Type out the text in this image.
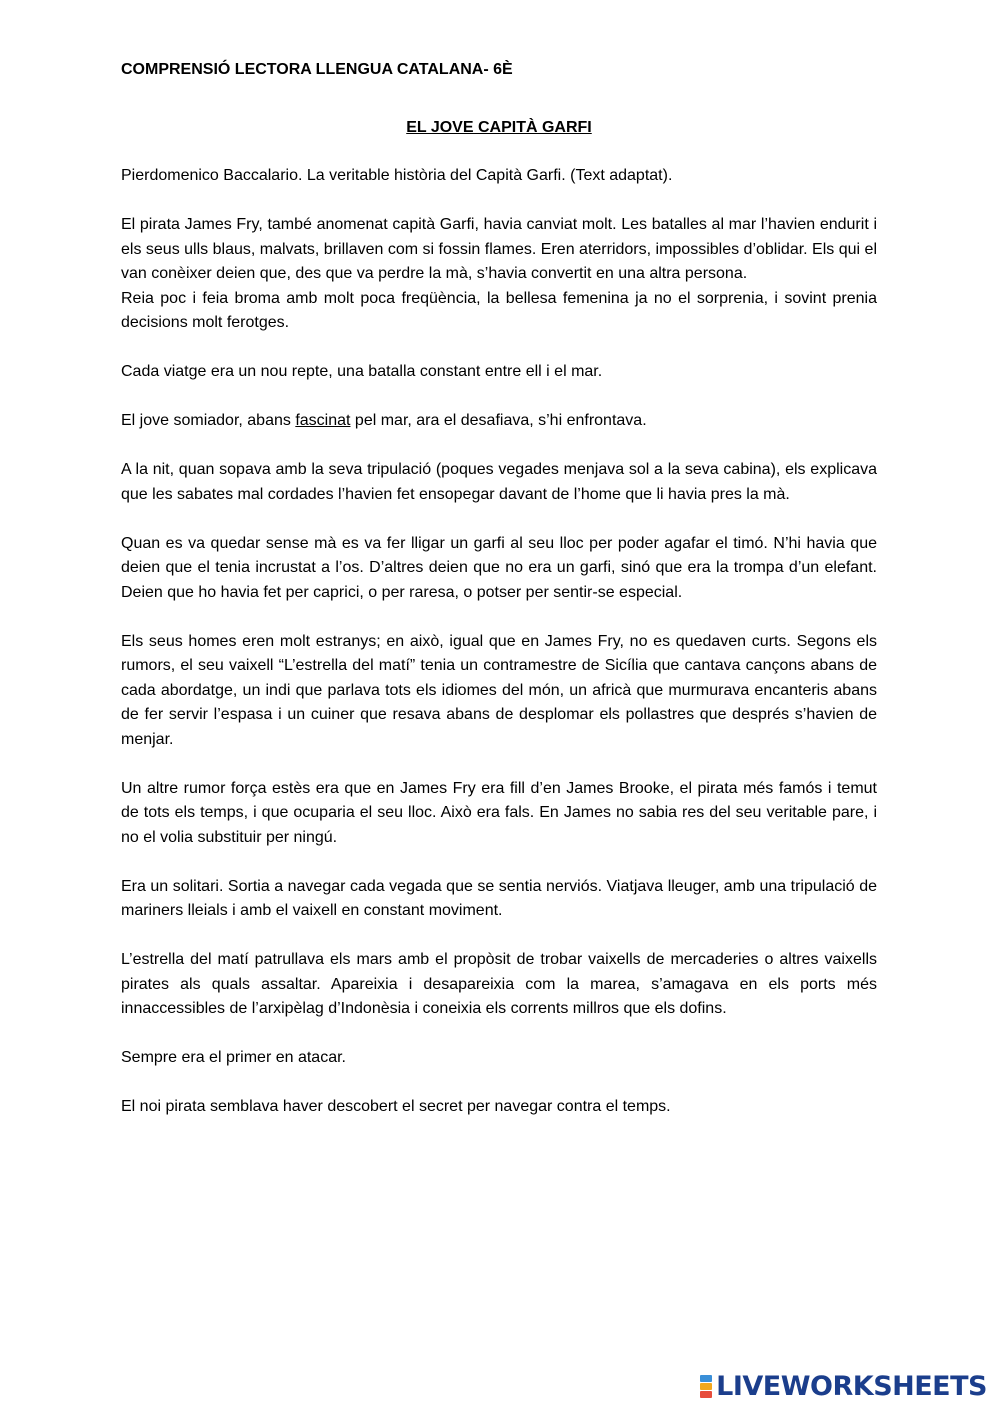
COMPRENSIÓ LECTORA LLENGUA CATALANA- 6È
EL JOVE CAPITÀ GARFI

Pierdomenico Baccalario. La veritable història del Capità Garfi. (Text adaptat).

El pirata James Fry, també anomenat capità Garfi, havia canviat molt. Les batalles al mar l’havien endurit i els seus ulls blaus, malvats, brillaven com si fossin flames. Eren aterridors, impossibles d’oblidar. Els qui el van conèixer deien que, des que va perdre la mà, s’havia convertit en una altra persona.

Reia poc i feia broma amb molt poca freqüència, la bellesa femenina ja no el sorprenia, i sovint prenia decisions molt ferotges.

Cada viatge era un nou repte, una batalla constant entre ell i el mar.

El jove somiador, abans fascinat pel mar, ara el desafiava, s’hi enfrontava.

A la nit, quan sopava amb la seva tripulació (poques vegades menjava sol a la seva cabina), els explicava que les sabates mal cordades l’havien fet ensopegar davant de l’home que li havia pres la mà.

Quan es va quedar sense mà es va fer lligar un garfi al seu lloc per poder agafar el timó. N’hi havia que deien que el tenia incrustat a l’os. D’altres deien que no era un garfi, sinó que era la trompa d’un elefant. Deien que ho havia fet per caprici, o per raresa, o potser per sentir-se especial.

Els seus homes eren molt estranys; en això, igual que en James Fry, no es quedaven curts. Segons els rumors, el seu vaixell “L’estrella del matí” tenia un contramestre de Sicília que cantava cançons abans de cada abordatge, un indi que parlava tots els idiomes del món, un africà que murmurava encanteris abans de fer servir l’espasa i un cuiner que resava abans de desplomar els pollastres que després s’havien de menjar.

Un altre rumor força estès era que en James Fry era fill d’en James Brooke, el pirata més famós i temut de tots els temps, i que ocuparia el seu lloc. Això era fals. En James no sabia res del seu veritable pare, i no el volia substituir per ningú.

Era un solitari. Sortia a navegar cada vegada que se sentia nerviós. Viatjava lleuger, amb una tripulació de mariners lleials i amb el vaixell en constant moviment.

L’estrella del matí patrullava els mars amb el propòsit de trobar vaixells de mercaderies o altres vaixells pirates als quals assaltar. Apareixia i desapareixia com la marea, s’amagava en els ports més innaccessibles de l’arxipèlag d’Indonèsia i coneixia els corrents millros que els dofins.

Sempre era el primer en atacar.

El noi pirata semblava haver descobert el secret per navegar contra el temps.

LIVEWORKSHEETS
